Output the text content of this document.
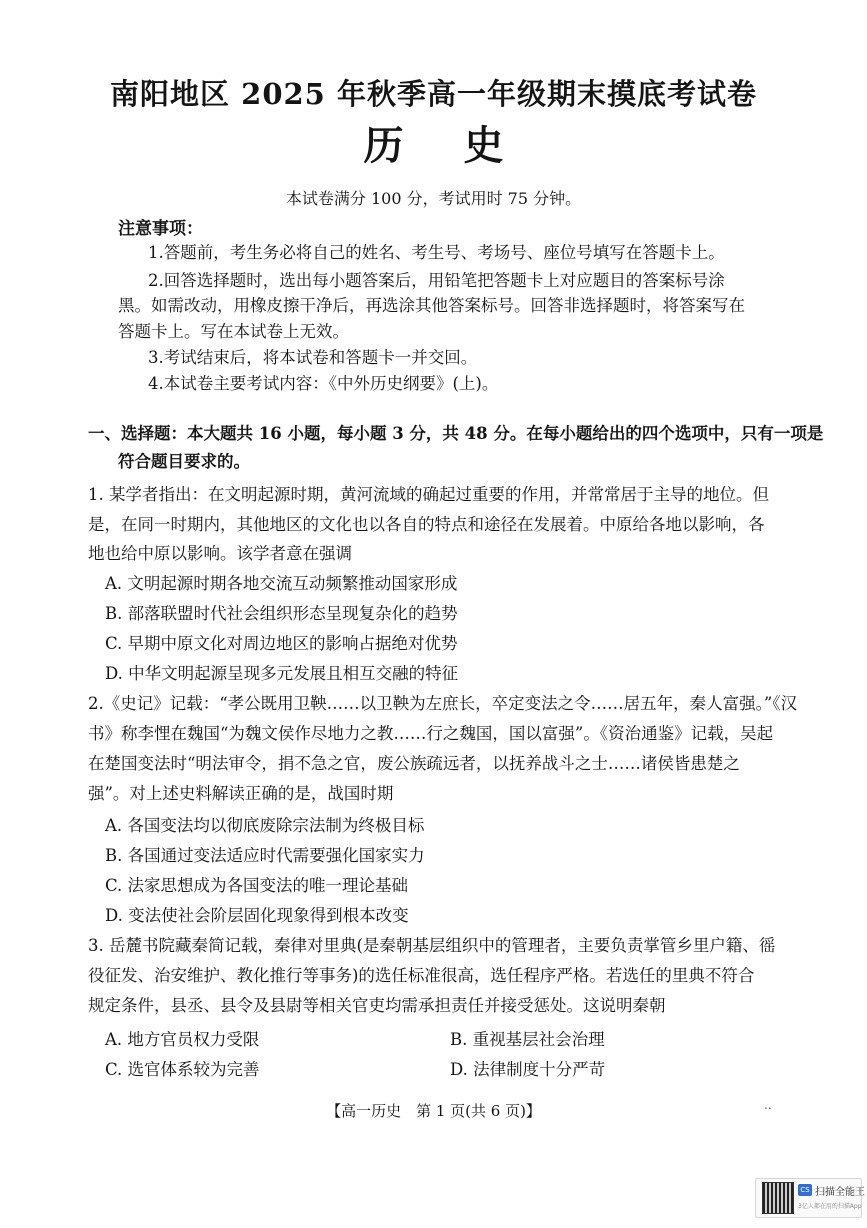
南阳地区 2025 年秋季高一年级期末摸底考试卷
历史
本试卷满分 100 分，考试用时 75 分钟。
注意事项：
1.答题前，考生务必将自己的姓名、考生号、考场号、座位号填写在答题卡上。
2.回答选择题时，选出每小题答案后，用铅笔把答题卡上对应题目的答案标号涂
黑。如需改动，用橡皮擦干净后，再选涂其他答案标号。回答非选择题时，将答案写在
答题卡上。写在本试卷上无效。
3.考试结束后，将本试卷和答题卡一并交回。
4.本试卷主要考试内容：《中外历史纲要》(上)。
一、选择题：本大题共 16 小题，每小题 3 分，共 48 分。在每小题给出的四个选项中，只有一项是
符合题目要求的。
1. 某学者指出：在文明起源时期，黄河流域的确起过重要的作用，并常常居于主导的地位。但
是，在同一时期内，其他地区的文化也以各自的特点和途径在发展着。中原给各地以影响，各
地也给中原以影响。该学者意在强调
A. 文明起源时期各地交流互动频繁推动国家形成
B. 部落联盟时代社会组织形态呈现复杂化的趋势
C. 早期中原文化对周边地区的影响占据绝对优势
D. 中华文明起源呈现多元发展且相互交融的特征
2.《史记》记载：“孝公既用卫鞅……以卫鞅为左庶长，卒定变法之令……居五年，秦人富强。”《汉
书》称李悝在魏国“为魏文侯作尽地力之教……行之魏国，国以富强”。《资治通鉴》记载，吴起
在楚国变法时“明法审令，捐不急之官，废公族疏远者，以抚养战斗之士……诸侯皆患楚之
强”。对上述史料解读正确的是，战国时期
A. 各国变法均以彻底废除宗法制为终极目标
B. 各国通过变法适应时代需要强化国家实力
C. 法家思想成为各国变法的唯一理论基础
D. 变法使社会阶层固化现象得到根本改变
3. 岳麓书院藏秦简记载，秦律对里典(是秦朝基层组织中的管理者，主要负责掌管乡里户籍、徭
役征发、治安维护、教化推行等事务)的选任标准很高，选任程序严格。若选任的里典不符合
规定条件，县丞、县令及县尉等相关官吏均需承担责任并接受惩处。这说明秦朝
A. 地方官员权力受限	B. 重视基层社会治理
C. 选官体系较为完善	D. 法律制度十分严苛
【高一历史　第 1 页(共 6 页)】	..
CS 扫描全能王
3亿人都在用的扫描App
